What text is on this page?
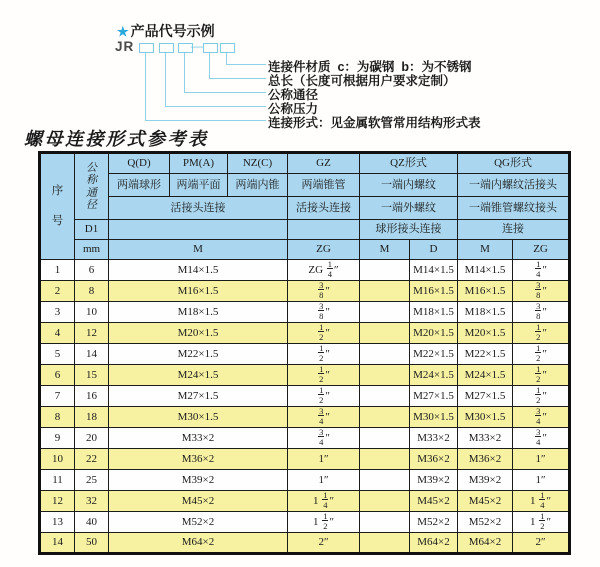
★ 产品代号示例
JR	—
连接件材质  c：为碳钢  b：为不锈钢
总长（长度可根据用户要求定制）
公称通径
公称压力
连接形式：见金属软管常用结构形式表
螺母连接形式参考表
序号	公称通径	Q(D)	PM(A)	NZ(C)	GZ	QZ形式		QG形式	
		两端球形	两端平面	两端内锥	两端锥管	一端内螺纹		一端内螺纹活接头	
		活接头连接			活接头连接	一端外螺纹		一端锥管螺纹接头	
	D1					球形接头连接		连接	
	mm	M			ZG	M	D	M	ZG
1	6	M14×1.5			ZG $\frac{1}{4}$ ″		M14×1.5	M14×1.5	$\frac{1}{4}$ ″
2	8	M16×1.5			$\frac{3}{8}$ ″		M16×1.5	M16×1.5	$\frac{3}{8}$ ″
3	10	M18×1.5			$\frac{3}{8}$ ″		M18×1.5	M18×1.5	$\frac{3}{8}$ ″
4	12	M20×1.5			$\frac{1}{2}$ ″		M20×1.5	M20×1.5	$\frac{1}{2}$ ″
5	14	M22×1.5			$\frac{1}{2}$ ″		M22×1.5	M22×1.5	$\frac{1}{2}$ ″
6	15	M24×1.5			$\frac{1}{2}$ ″		M24×1.5	M24×1.5	$\frac{1}{2}$ ″
7	16	M27×1.5			$\frac{1}{2}$ ″		M27×1.5	M27×1.5	$\frac{1}{2}$ ″
8	18	M30×1.5			$\frac{3}{4}$ ″		M30×1.5	M30×1.5	$\frac{3}{4}$ ″
9	20	M33×2			$\frac{3}{4}$ ″		M33×2	M33×2	$\frac{3}{4}$ ″
10	22	M36×2			1″		M36×2	M36×2	1″
11	25	M39×2			1″		M39×2	M39×2	1″
12	32	M45×2			$1 \frac{1}{4}$ ″		M45×2	M45×2	$1 \frac{1}{4}$ ″
13	40	M52×2			$1 \frac{1}{2}$ ″		M52×2	M52×2	$1 \frac{1}{2}$ ″
14	50	M64×2			2″		M64×2	M64×2	2″
